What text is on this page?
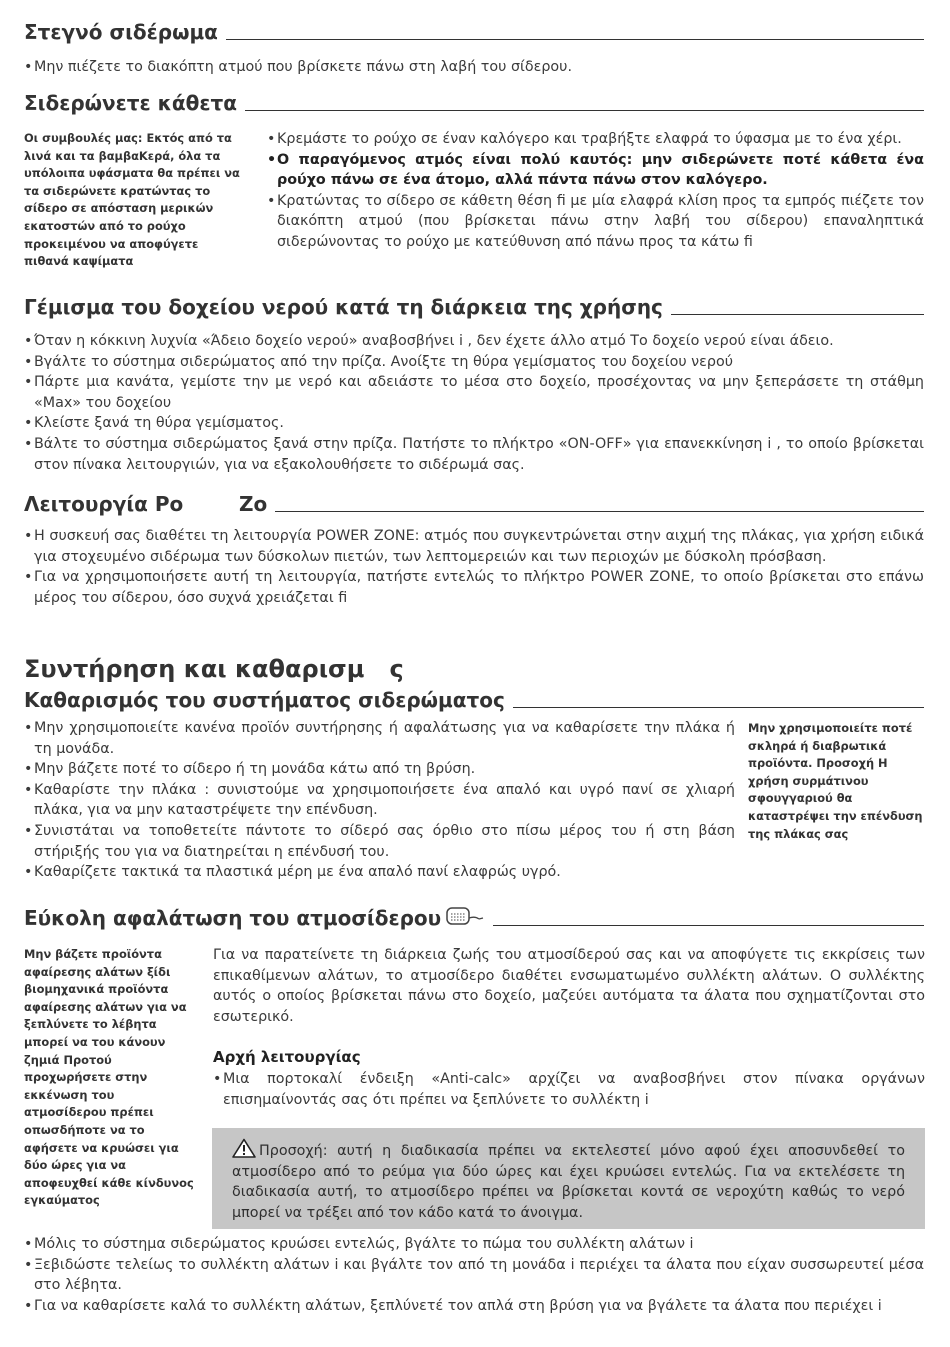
Στεγνό σιδέρωμα
• Μην πιέζετε το διακόπτη ατμού που βρίσκετε πάνω στη λαβή του σίδερου.
Σιδερώνετε κάθετα
Οι συμβουλές μας: Εκτός από τα λινά και τα βαμβαΚερά, όλα τα υπόλοιπα υφάσματα θα πρέπει να τα σιδερώνετε κρατώντας το σίδερο σε απόσταση μερικών εκατοστών από το ρούχο προκειμένου να αποφύγετε πιθανά καψίματα
• Κρεμάστε το ρούχο σε έναν καλόγερο και τραβήξτε ελαφρά το ύφασμα με το ένα χέρι.
• Ο παραγόμενος ατμός είναι πολύ καυτός: μην σιδερώνετε ποτέ κάθετα ένα ρούχο πάνω σε ένα άτομο, αλλά πάντα πάνω στον καλόγερο.
• Κρατώντας το σίδερο σε κάθετη θέση ﬁ με μία ελαφρά κλίση προς τα εμπρός πιέζετε τον διακόπτη ατμού (που βρίσκεται πάνω στην λαβή του σίδερου) επαναληπτικά σιδερώνοντας το ρούχο με κατεύθυνση από πάνω προς τα κάτω ﬁ
Γέμισμα του δοχείου νερού κατά τη διάρκεια της χρήσης
• Όταν η κόκκινη λυχνία «Άδειο δοχείο νερού» αναβοσβήνει i , δεν έχετε άλλο ατμό Το δοχείο νερού είναι άδειο.
• Βγάλτε το σύστημα σιδερώματος από την πρίζα. Ανοίξτε τη θύρα γεμίσματος του δοχείου νερού
• Πάρτε μια κανάτα, γεμίστε την με νερό και αδειάστε το μέσα στο δοχείο, προσέχοντας να μην ξεπεράσετε τη στάθμη «Max» του δοχείου
• Κλείστε ξανά τη θύρα γεμίσματος.
• Βάλτε το σύστημα σιδερώματος ξανά στην πρίζα. Πατήστε το πλήκτρο «ON-OFF» για επανεκκίνηση i , το οποίο βρίσκεται στον πίνακα λειτουργιών, για να εξακολουθήσετε το σιδέρωμά σας.
Λειτουργία Po        Zo
• Η συσκευή σας διαθέτει τη λειτουργία POWER ZONE: ατμός που συγκεντρώνεται στην αιχμή της πλάκας, για χρήση ειδικά για στοχευμένο σιδέρωμα των δύσκολων πιετών, των λεπτομερειών και των περιοχών με δύσκολη πρόσβαση.
• Για να χρησιμοποιήσετε αυτή τη λειτουργία, πατήστε εντελώς το πλήκτρο POWER ZONE, το οποίο βρίσκεται στο επάνω μέρος του σίδερου, όσο συχνά χρειάζεται ﬁ
Συντήρηση και καθαρισμ   ς
Καθαρισμός του συστήματος σιδερώματος
• Μην χρησιμοποιείτε κανένα προϊόν συντήρησης ή αφαλάτωσης για να καθαρίσετε την πλάκα ή τη μονάδα.
• Μην βάζετε ποτέ το σίδερο ή τη μονάδα κάτω από τη βρύση.
• Καθαρίστε την πλάκα : συνιστούμε να χρησιμοποιήσετε ένα απαλό και υγρό πανί σε χλιαρή πλάκα, για να μην καταστρέψετε την επένδυση.
• Συνιστάται να τοποθετείτε πάντοτε το σίδερό σας όρθιο στο πίσω μέρος του ή στη βάση στήριξής του για να διατηρείται η επένδυσή του.
• Καθαρίζετε τακτικά τα πλαστικά μέρη με ένα απαλό πανί ελαφρώς υγρό.
Μην χρησιμοποιείτε ποτέ σκληρά ή διαβρωτικά προϊόντα. Προσοχή Η χρήση συρμάτινου σφουγγαριού θα καταστρέψει την επένδυση της πλάκας σας
Εύκολη αφαλάτωση του ατμοσίδερου
Μην βάζετε προϊόντα αφαίρεσης αλάτων ξίδι βιομηχανικά προϊόντα αφαίρεσης αλάτων για να ξεπλύνετε το λέβητα μπορεί να του κάνουν ζημιά Προτού προχωρήσετε στην εκκένωση του ατμοσίδερου πρέπει οπωσδήποτε να το αφήσετε να κρυώσει για δύο ώρες για να αποφευχθεί κάθε κίνδυνος εγκαύματος
Για να παρατείνετε τη διάρκεια ζωής του ατμοσίδερού σας και να αποφύγετε τις εκκρίσεις των επικαθίμενων αλάτων, το ατμοσίδερο διαθέτει ενσωματωμένο συλλέκτη αλάτων. Ο συλλέκτης αυτός ο οποίος βρίσκεται πάνω στο δοχείο, μαζεύει αυτόματα τα άλατα που σχηματίζονται στο εσωτερικό.
Αρχή λειτουργίας
• Μια πορτοκαλί ένδειξη «Anti-calc» αρχίζει να αναβοσβήνει στον πίνακα οργάνων επισημαίνοντάς σας ότι πρέπει να ξεπλύνετε το συλλέκτη i
Προσοχή: αυτή η διαδικασία πρέπει να εκτελεστεί μόνο αφού έχει αποσυνδεθεί το ατμοσίδερο από το ρεύμα για δύο ώρες και έχει κρυώσει εντελώς. Για να εκτελέσετε τη διαδικασία αυτή, το ατμοσίδερο πρέπει να βρίσκεται κοντά σε νεροχύτη καθώς το νερό μπορεί να τρέξει από τον κάδο κατά το άνοιγμα.
• Μόλις το σύστημα σιδερώματος κρυώσει εντελώς, βγάλτε το πώμα του συλλέκτη αλάτων i
• Ξεβιδώστε τελείως το συλλέκτη αλάτων i και βγάλτε τον από τη μονάδα i περιέχει τα άλατα που είχαν συσσωρευτεί μέσα στο λέβητα.
• Για να καθαρίσετε καλά το συλλέκτη αλάτων, ξεπλύνετέ τον απλά στη βρύση για να βγάλετε τα άλατα που περιέχει i
